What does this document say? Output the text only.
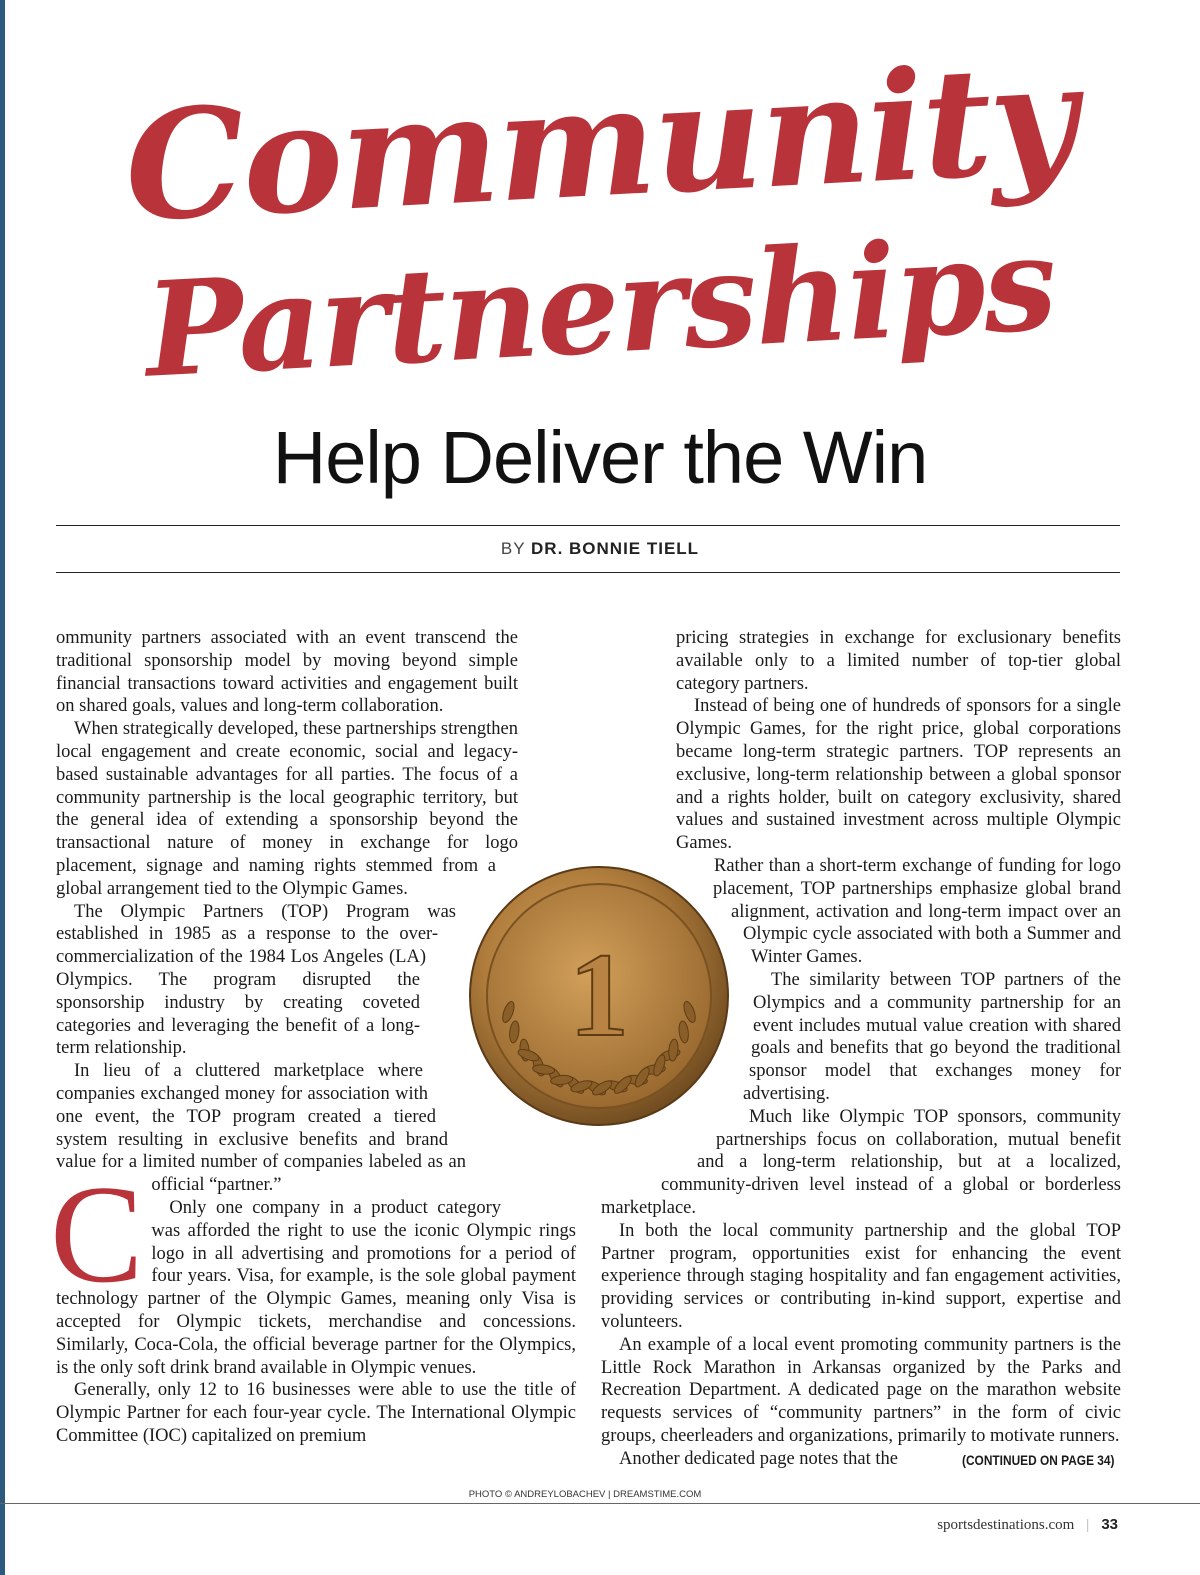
Community
Partnerships
Help Deliver the Win
BY DR. BONNIE TIELL
C

ommunity partners associated with an event transcend the traditional sponsorship model by moving beyond simple financial transactions toward activities and engagement built on shared goals, values and long-term collaboration.

When strategically developed, these partnerships strengthen local engagement and create economic, social and legacy-based sustainable advantages for all parties. The focus of a community partnership is the local geographic territory, but the general idea of extending a sponsorship beyond the transactional nature of money in exchange for logo placement, signage and naming rights stemmed from a global arrangement tied to the Olympic Games.

The Olympic Partners (TOP) Program was established in 1985 as a response to the over-commercialization of the 1984 Los Angeles (LA) Olympics. The program disrupted the sponsorship industry by creating coveted categories and leveraging the benefit of a long-term relationship.

In lieu of a cluttered marketplace where companies exchanged money for association with one event, the TOP program created a tiered system resulting in exclusive benefits and brand value for a limited number of companies labeled as an official “partner.”

Only one company in a product category was afforded the right to use the iconic Olympic rings logo in all advertising and promotions for a period of four years. Visa, for example, is the sole global payment technology partner of the Olympic Games, meaning only Visa is accepted for Olympic tickets, merchandise and concessions. Similarly, Coca-Cola, the official beverage partner for the Olympics, is the only soft drink brand available in Olympic venues.

Generally, only 12 to 16 businesses were able to use the title of Olympic Partner for each four-year cycle. The International Olympic Committee (IOC) capitalized on premium

pricing strategies in exchange for exclusionary benefits available only to a limited number of top-tier global category partners.

Instead of being one of hundreds of sponsors for a single Olympic Games, for the right price, global corporations became long-term strategic partners. TOP represents an exclusive, long-term relationship between a global sponsor and a rights holder, built on category exclusivity, shared values and sustained investment across multiple Olympic Games.

Rather than a short-term exchange of funding for logo placement, TOP partnerships emphasize global brand alignment, activation and long-term impact over an Olympic cycle associated with both a Summer and Winter Games.

The similarity between TOP partners of the Olympics and a community partnership for an event includes mutual value creation with shared goals and benefits that go beyond the traditional sponsor model that exchanges money for advertising.

Much like Olympic TOP sponsors, community partnerships focus on collaboration, mutual benefit and a long-term relationship, but at a localized, community-driven level instead of a global or borderless marketplace.

In both the local community partnership and the global TOP Partner program, opportunities exist for enhancing the event experience through staging hospitality and fan engagement activities, providing services or contributing in-kind support, expertise and volunteers.

An example of a local event promoting community partners is the Little Rock Marathon in Arkansas organized by the Parks and Recreation Department. A dedicated page on the marathon website requests services of “community partners” in the form of civic groups, cheerleaders and organizations, primarily to motivate runners.

Another dedicated page notes that the

1
(CONTINUED ON PAGE 34)
PHOTO © ANDREYLOBACHEV | DREAMSTIME.COM
sportsdestinations.com | 33
